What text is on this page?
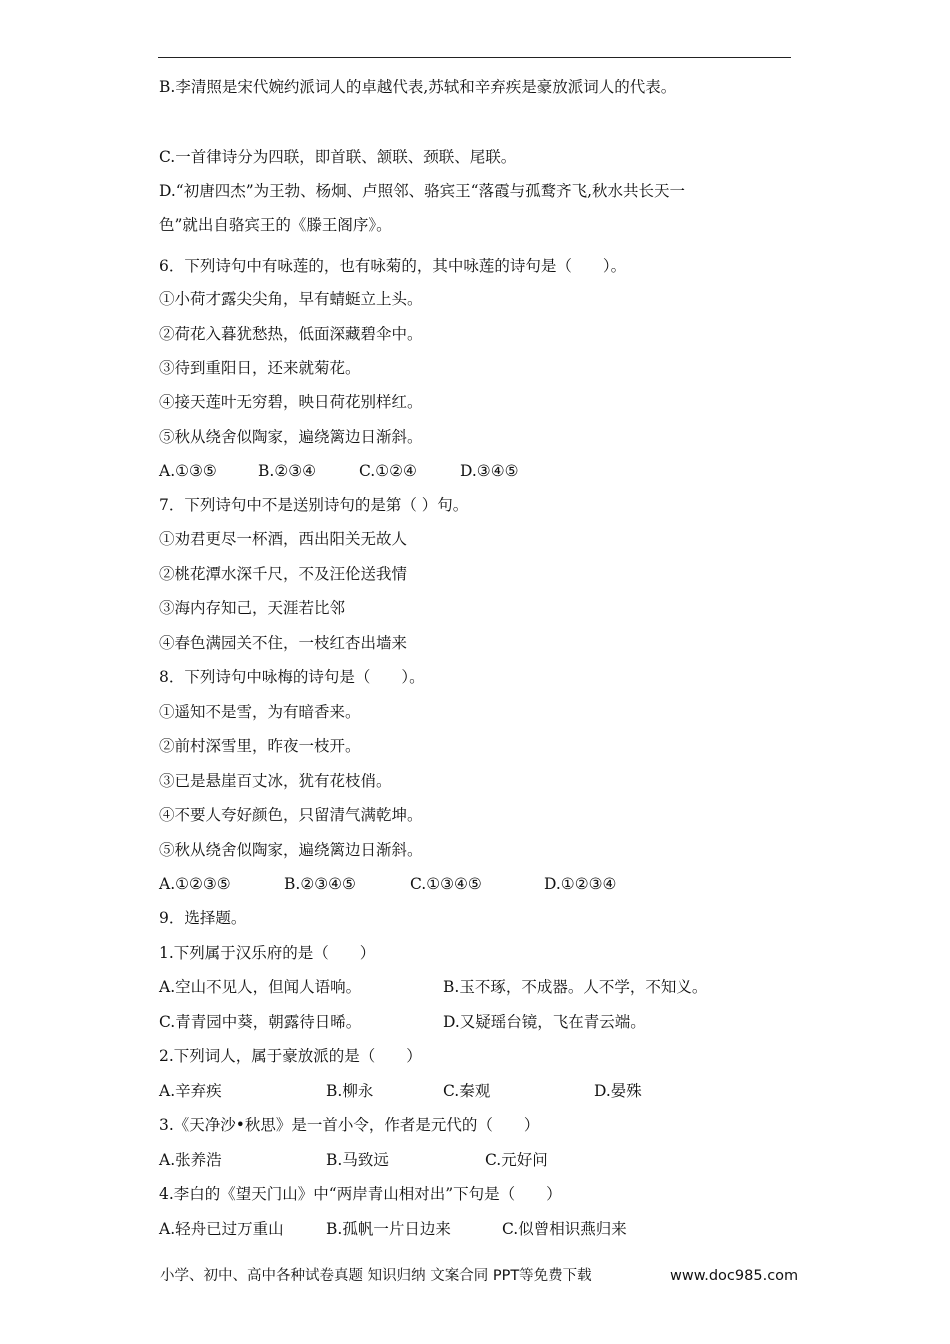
B.李清照是宋代婉约派词人的卓越代表,苏轼和辛弃疾是豪放派词人的代表。
C.一首律诗分为四联，即首联、颔联、颈联、尾联。
D.“初唐四杰”为王勃、杨炯、卢照邻、骆宾王“落霞与孤鹜齐飞,秋水共长天一
色”就出自骆宾王的《滕王阁序》。
6．下列诗句中有咏莲的，也有咏菊的，其中咏莲的诗句是（　　）。
①小荷才露尖尖角，早有蜻蜓立上头。
②荷花入暮犹愁热，低面深藏碧伞中。
③待到重阳日，还来就菊花。
④接天莲叶无穷碧，映日荷花别样红。
⑤秋从绕舍似陶家，遍绕篱边日渐斜。
A.①③⑤	B.②③④	C.①②④	D.③④⑤
7．下列诗句中不是送别诗句的是第（ ）句。
①劝君更尽一杯酒，西出阳关无故人
②桃花潭水深千尺，不及汪伦送我情
③海内存知己，天涯若比邻
④春色满园关不住，一枝红杏出墙来
8．下列诗句中咏梅的诗句是（　　）。
①遥知不是雪，为有暗香来。
②前村深雪里，昨夜一枝开。
③已是悬崖百丈冰，犹有花枝俏。
④不要人夸好颜色，只留清气满乾坤。
⑤秋从绕舍似陶家，遍绕篱边日渐斜。
A.①②③⑤	B.②③④⑤	C.①③④⑤	D.①②③④
9．选择题。
1.下列属于汉乐府的是（　　）
A.空山不见人，但闻人语响。	B.玉不琢，不成器。人不学，不知义。
C.青青园中葵，朝露待日晞。	D.又疑瑶台镜，飞在青云端。
2.下列词人，属于豪放派的是（　　）
A.辛弃疾	B.柳永	C.秦观	D.晏殊
3.《天净沙•秋思》是一首小令，作者是元代的（　　）
A.张养浩	B.马致远	C.元好问
4.李白的《望天门山》中“两岸青山相对出”下句是（　　）
A.轻舟已过万重山	B.孤帆一片日边来	C.似曾相识燕归来
小学、初中、高中各种试卷真题 知识归纳 文案合同 PPT等免费下载	www.doc985.com
